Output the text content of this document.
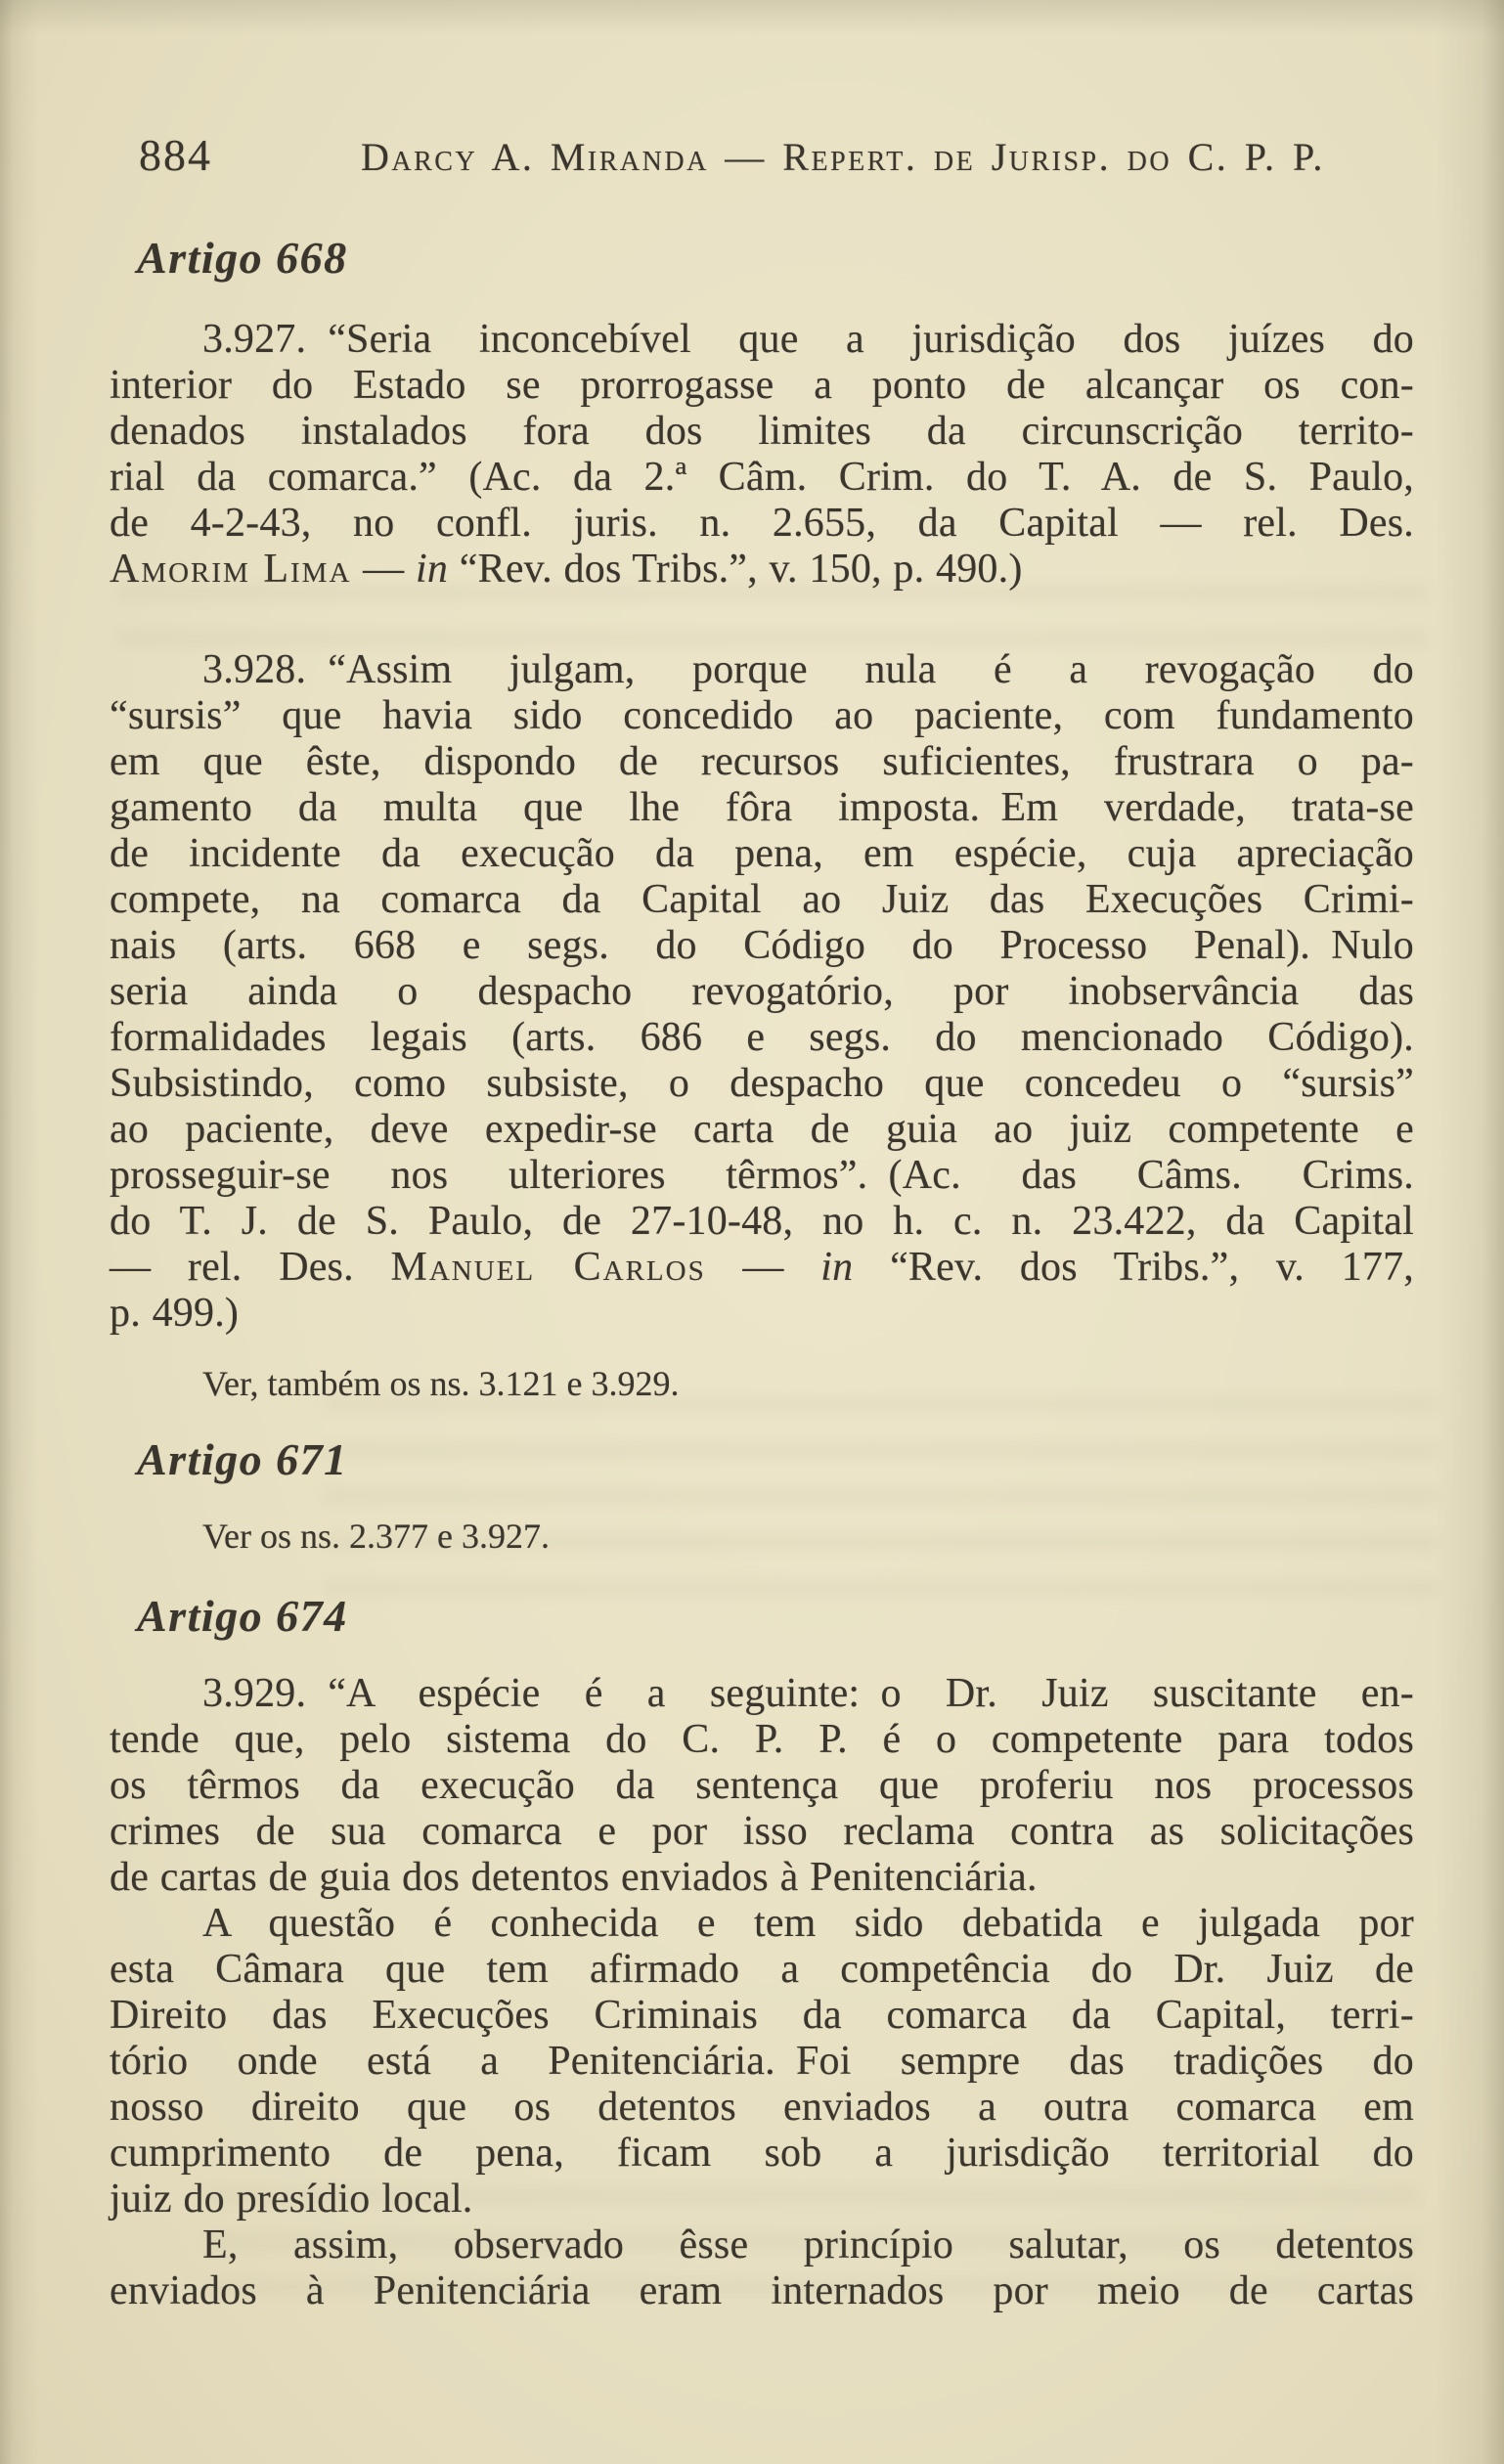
884	Darcy A. Miranda — Repert. de Jurisp. do C. P. P.
Artigo 668
3.927. “Seria inconcebível que a jurisdição dos juízes do
interior do Estado se prorrogasse a ponto de alcançar os con-
denados instalados fora dos limites da circunscrição territo-
rial da comarca.” (Ac. da 2.ª Câm. Crim. do T. A. de S. Paulo,
de 4-2-43, no confl. juris. n. 2.655, da Capital — rel. Des.
Amorim Lima — in “Rev. dos Tribs.”, v. 150, p. 490.)
3.928. “Assim julgam, porque nula é a revogação do
“sursis” que havia sido concedido ao paciente, com fundamento
em que êste, dispondo de recursos suficientes, frustrara o pa-
gamento da multa que lhe fôra imposta. Em verdade, trata-se
de incidente da execução da pena, em espécie, cuja apreciação
compete, na comarca da Capital ao Juiz das Execuções Crimi-
nais (arts. 668 e segs. do Código do Processo Penal). Nulo
seria ainda o despacho revogatório, por inobservância das
formalidades legais (arts. 686 e segs. do mencionado Código).
Subsistindo, como subsiste, o despacho que concedeu o “sursis”
ao paciente, deve expedir-se carta de guia ao juiz competente e
prosseguir-se nos ulteriores têrmos”. (Ac. das Câms. Crims.
do T. J. de S. Paulo, de 27-10-48, no h. c. n. 23.422, da Capital
— rel. Des. Manuel Carlos — in “Rev. dos Tribs.”, v. 177,
p. 499.)
Ver, também os ns. 3.121 e 3.929.
Artigo 671
Ver os ns. 2.377 e 3.927.
Artigo 674
3.929. “A espécie é a seguinte: o Dr. Juiz suscitante en-
tende que, pelo sistema do C. P. P. é o competente para todos
os têrmos da execução da sentença que proferiu nos processos
crimes de sua comarca e por isso reclama contra as solicitações
de cartas de guia dos detentos enviados à Penitenciária.
A questão é conhecida e tem sido debatida e julgada por
esta Câmara que tem afirmado a competência do Dr. Juiz de
Direito das Execuções Criminais da comarca da Capital, terri-
tório onde está a Penitenciária. Foi sempre das tradições do
nosso direito que os detentos enviados a outra comarca em
cumprimento de pena, ficam sob a jurisdição territorial do
juiz do presídio local.
E, assim, observado êsse princípio salutar, os detentos
enviados à Penitenciária eram internados por meio de cartas
